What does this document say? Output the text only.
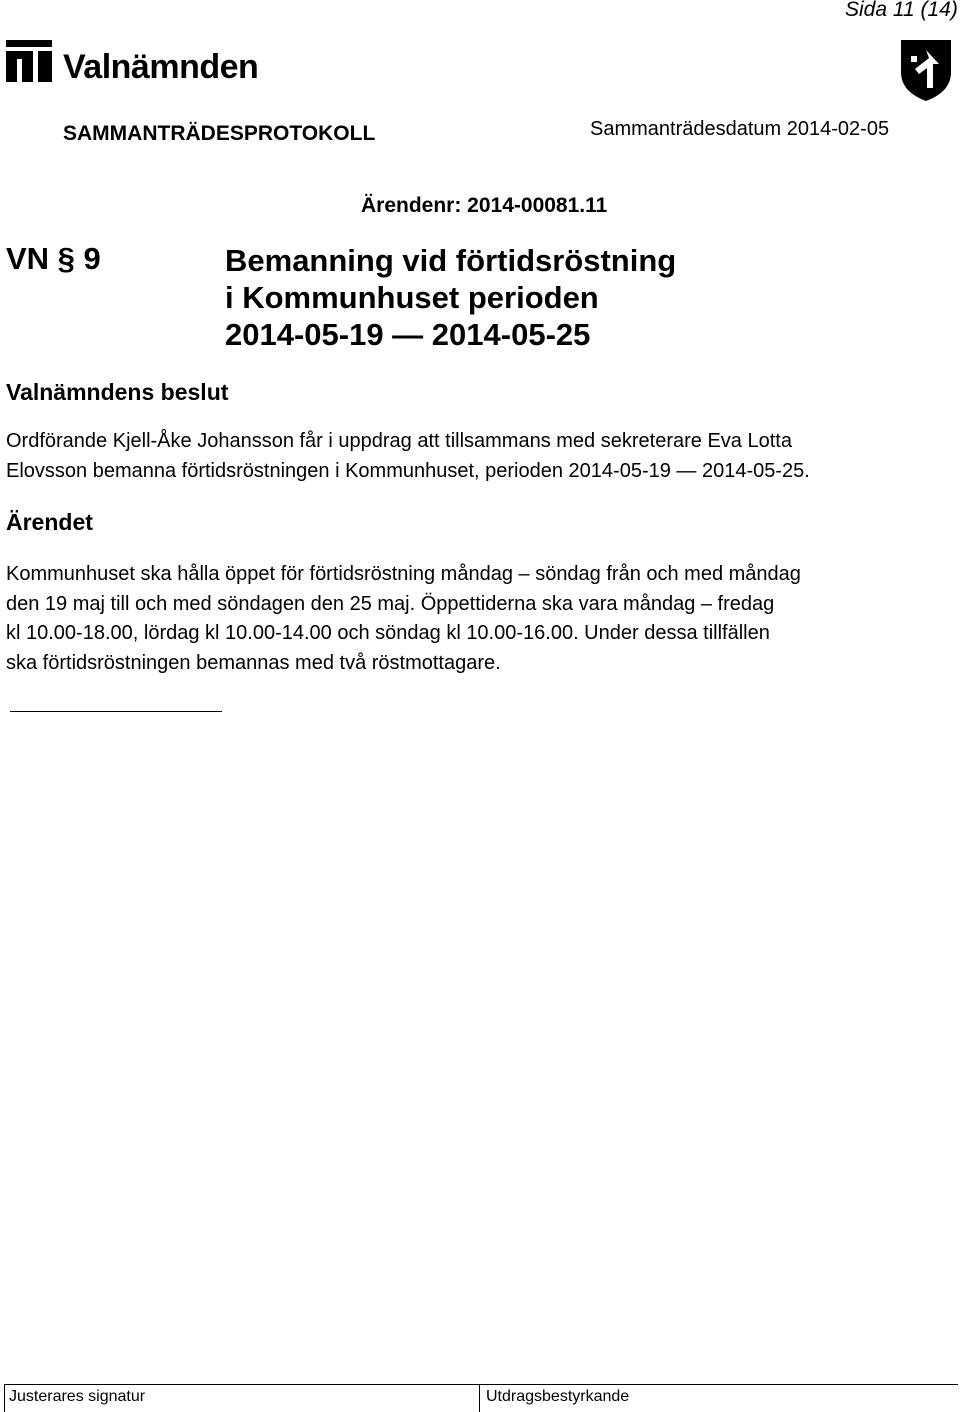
Sida 11 (14)
Valnämnden
SAMMANTRÄDESPROTOKOLL	Sammanträdesdatum 2014-02-05
Ärendenr: 2014-00081.11
VN § 9	Bemanning vid förtidsröstning
i Kommunhuset perioden
2014-05-19 — 2014-05-25
Valnämndens beslut
Ordförande Kjell-Åke Johansson får i uppdrag att tillsammans med sekreterare Eva Lotta
Elovsson bemanna förtidsröstningen i Kommunhuset, perioden 2014-05-19 — 2014-05-25.
Ärendet
Kommunhuset ska hålla öppet för förtidsröstning måndag – söndag från och med måndag
den 19 maj till och med söndagen den 25 maj. Öppettiderna ska vara måndag – fredag
kl 10.00-18.00, lördag kl 10.00-14.00 och söndag kl 10.00-16.00. Under dessa tillfällen
ska förtidsröstningen bemannas med två röstmottagare.
Justerares signatur	Utdragsbestyrkande
